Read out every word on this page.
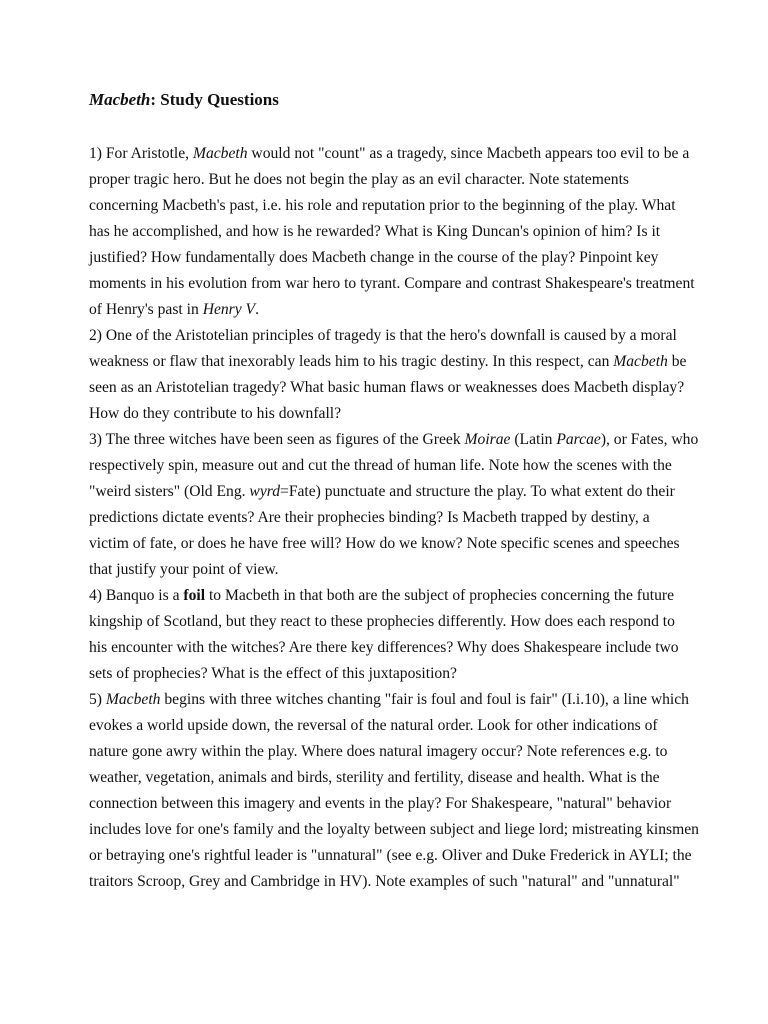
Macbeth: Study Questions
1) For Aristotle, Macbeth would not "count" as a tragedy, since Macbeth appears too evil to be a
proper tragic hero. But he does not begin the play as an evil character. Note statements
concerning Macbeth's past, i.e. his role and reputation prior to the beginning of the play. What
has he accomplished, and how is he rewarded? What is King Duncan's opinion of him? Is it
justified? How fundamentally does Macbeth change in the course of the play? Pinpoint key
moments in his evolution from war hero to tyrant. Compare and contrast Shakespeare's treatment
of Henry's past in Henry V.
2) One of the Aristotelian principles of tragedy is that the hero's downfall is caused by a moral
weakness or flaw that inexorably leads him to his tragic destiny. In this respect, can Macbeth be
seen as an Aristotelian tragedy? What basic human flaws or weaknesses does Macbeth display?
How do they contribute to his downfall?
3) The three witches have been seen as figures of the Greek Moirae (Latin Parcae), or Fates, who
respectively spin, measure out and cut the thread of human life. Note how the scenes with the
"weird sisters" (Old Eng. wyrd=Fate) punctuate and structure the play. To what extent do their
predictions dictate events? Are their prophecies binding? Is Macbeth trapped by destiny, a
victim of fate, or does he have free will? How do we know? Note specific scenes and speeches
that justify your point of view.
4) Banquo is a foil to Macbeth in that both are the subject of prophecies concerning the future
kingship of Scotland, but they react to these prophecies differently. How does each respond to
his encounter with the witches? Are there key differences? Why does Shakespeare include two
sets of prophecies? What is the effect of this juxtaposition?
5) Macbeth begins with three witches chanting "fair is foul and foul is fair" (I.i.10), a line which
evokes a world upside down, the reversal of the natural order. Look for other indications of
nature gone awry within the play. Where does natural imagery occur? Note references e.g. to
weather, vegetation, animals and birds, sterility and fertility, disease and health. What is the
connection between this imagery and events in the play? For Shakespeare, "natural" behavior
includes love for one's family and the loyalty between subject and liege lord; mistreating kinsmen
or betraying one's rightful leader is "unnatural" (see e.g. Oliver and Duke Frederick in AYLI; the
traitors Scroop, Grey and Cambridge in HV). Note examples of such "natural" and "unnatural"
